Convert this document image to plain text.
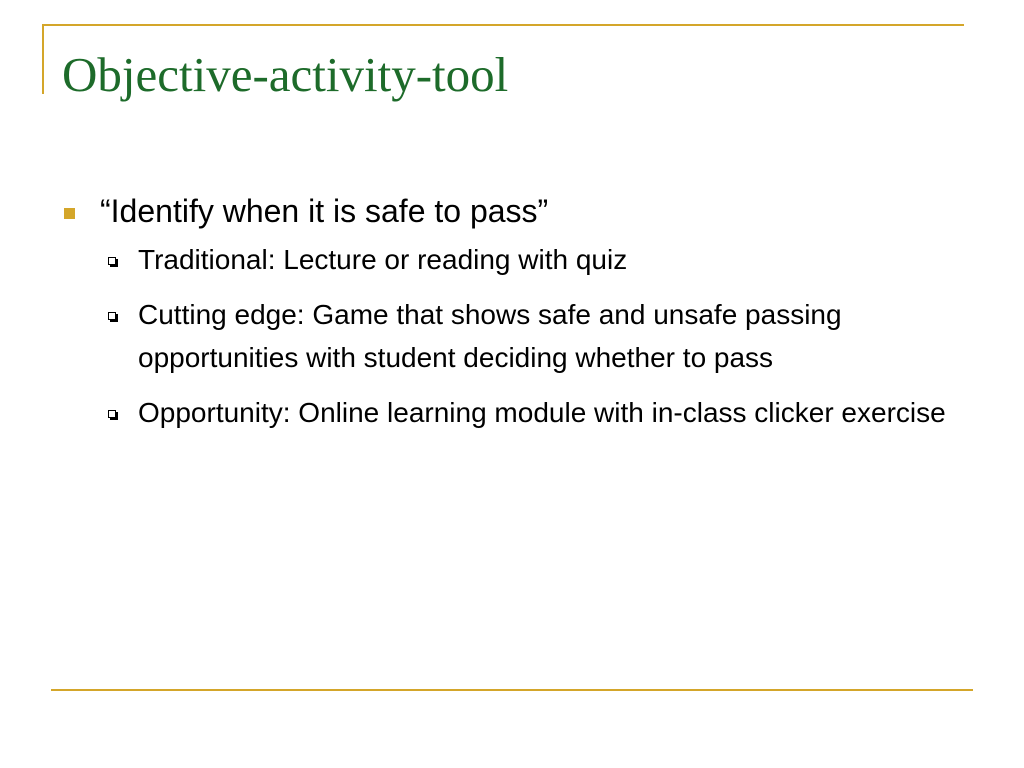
Objective-activity-tool
“Identify when it is safe to pass”
Traditional: Lecture or reading with quiz
Cutting edge: Game that shows safe and unsafe passing opportunities with student deciding whether to pass
Opportunity: Online learning module with in-class clicker exercise
